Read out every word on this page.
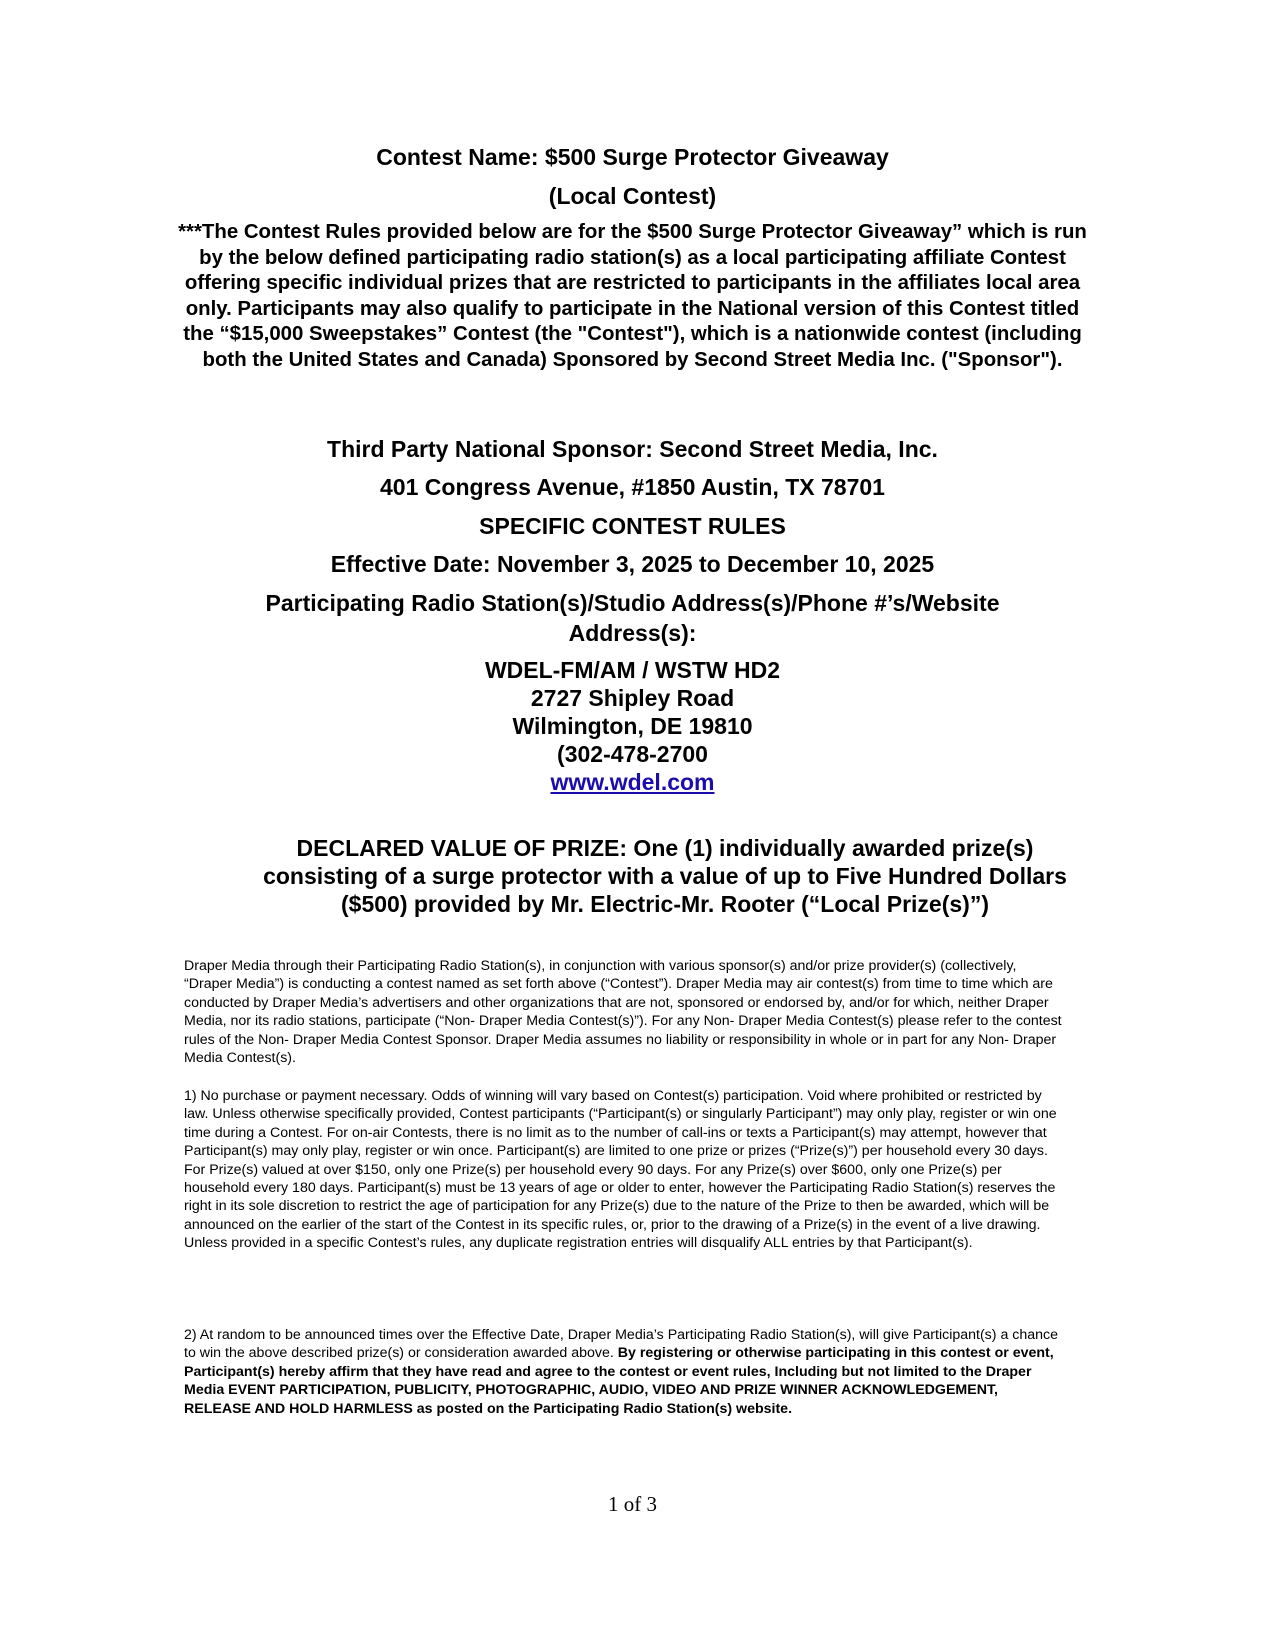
Contest Name: $500 Surge Protector Giveaway
(Local Contest)
***The Contest Rules provided below are for the $500 Surge Protector Giveaway” which is run by the below defined participating radio station(s) as a local participating affiliate Contest offering specific individual prizes that are restricted to participants in the affiliates local area only. Participants may also qualify to participate in the National version of this Contest titled the “$15,000 Sweepstakes” Contest (the "Contest"), which is a nationwide contest (including both the United States and Canada) Sponsored by Second Street Media Inc. ("Sponsor").
Third Party National Sponsor: Second Street Media, Inc.
401 Congress Avenue, #1850 Austin, TX 78701
SPECIFIC CONTEST RULES
Effective Date: November 3, 2025 to December 10, 2025
Participating Radio Station(s)/Studio Address(s)/Phone #’s/Website Address(s):
WDEL-FM/AM / WSTW HD2
2727 Shipley Road
Wilmington, DE 19810
(302-478-2700
www.wdel.com
DECLARED VALUE OF PRIZE: One (1) individually awarded prize(s) consisting of a surge protector with a value of up to Five Hundred Dollars ($500) provided by Mr. Electric-Mr. Rooter (“Local Prize(s)”)
Draper Media through their Participating Radio Station(s), in conjunction with various sponsor(s) and/or prize provider(s) (collectively, “Draper Media”) is conducting a contest named as set forth above (“Contest”). Draper Media may air contest(s) from time to time which are conducted by Draper Media’s advertisers and other organizations that are not, sponsored or endorsed by, and/or for which, neither Draper Media, nor its radio stations, participate (“Non- Draper Media Contest(s)”). For any Non- Draper Media Contest(s) please refer to the contest rules of the Non- Draper Media Contest Sponsor. Draper Media assumes no liability or responsibility in whole or in part for any Non- Draper Media Contest(s).
1) No purchase or payment necessary. Odds of winning will vary based on Contest(s) participation. Void where prohibited or restricted by law. Unless otherwise specifically provided, Contest participants (“Participant(s) or singularly Participant”) may only play, register or win one time during a Contest. For on-air Contests, there is no limit as to the number of call-ins or texts a Participant(s) may attempt, however that Participant(s) may only play, register or win once. Participant(s) are limited to one prize or prizes (“Prize(s)”) per household every 30 days. For Prize(s) valued at over $150, only one Prize(s) per household every 90 days. For any Prize(s) over $600, only one Prize(s) per household every 180 days. Participant(s) must be 13 years of age or older to enter, however the Participating Radio Station(s) reserves the right in its sole discretion to restrict the age of participation for any Prize(s) due to the nature of the Prize to then be awarded, which will be announced on the earlier of the start of the Contest in its specific rules, or, prior to the drawing of a Prize(s) in the event of a live drawing. Unless provided in a specific Contest’s rules, any duplicate registration entries will disqualify ALL entries by that Participant(s).
2) At random to be announced times over the Effective Date, Draper Media’s Participating Radio Station(s), will give Participant(s) a chance to win the above described prize(s) or consideration awarded above. By registering or otherwise participating in this contest or event, Participant(s) hereby affirm that they have read and agree to the contest or event rules, Including but not limited to the Draper Media EVENT PARTICIPATION, PUBLICITY, PHOTOGRAPHIC, AUDIO, VIDEO AND PRIZE WINNER ACKNOWLEDGEMENT, RELEASE AND HOLD HARMLESS as posted on the Participating Radio Station(s) website.
1 of 3
